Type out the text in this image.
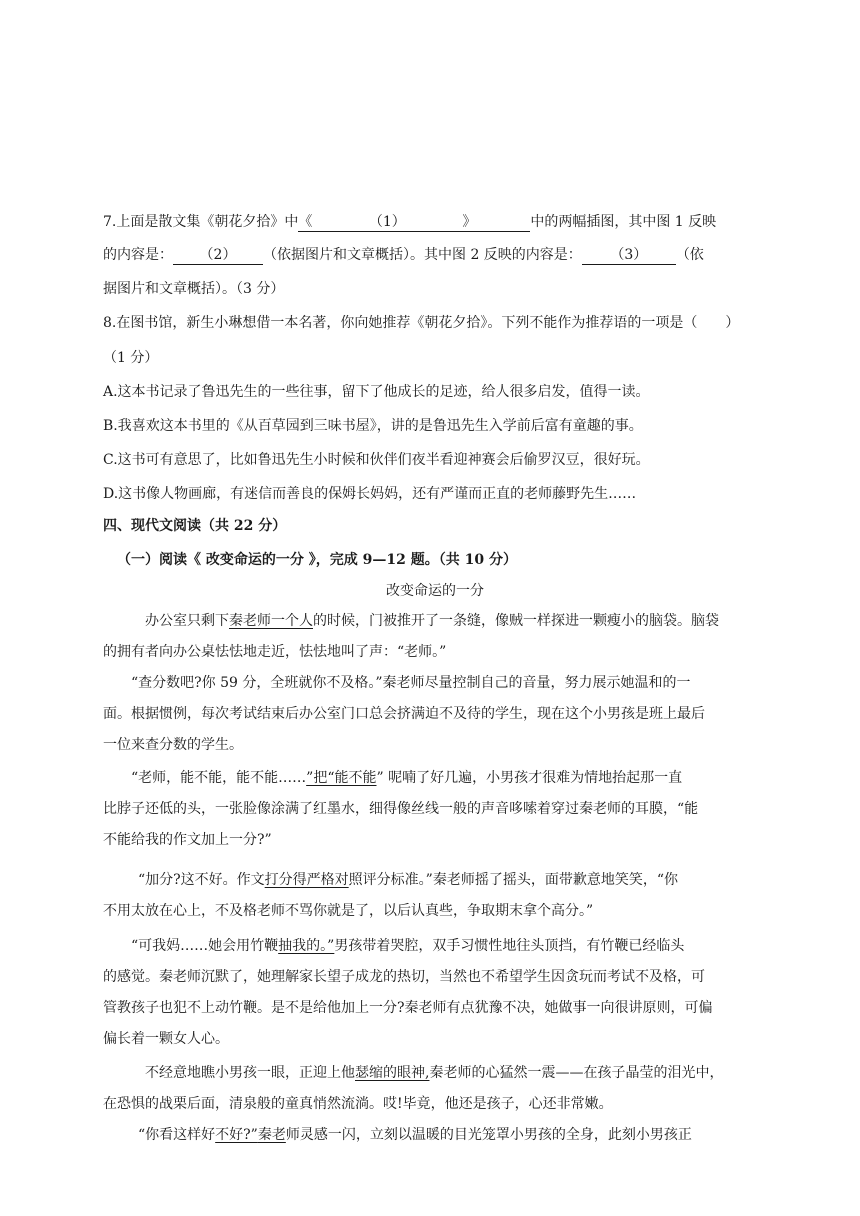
7.上面是散文集《朝花夕拾》中《	（1）	》	中的两幅插图，其中图 1 反映
的内容是： （2） （依据图片和文章概括）。其中图 2 反映的内容是： （3） （依
据图片和文章概括）。（3 分）
8.在图书馆，新生小琳想借一本名著，你向她推荐《朝花夕拾》。下列不能作为推荐语的一项是（　　）
（1 分）
A.这本书记录了鲁迅先生的一些往事，留下了他成长的足迹，给人很多启发，值得一读。
B.我喜欢这本书里的《从百草园到三味书屋》，讲的是鲁迅先生入学前后富有童趣的事。
C.这书可有意思了，比如鲁迅先生小时候和伙伴们夜半看迎神赛会后偷罗汉豆，很好玩。
D.这书像人物画廊，有迷信而善良的保姆长妈妈，还有严谨而正直的老师藤野先生……
四、现代文阅读（共 22 分）
（一）阅读《 改变命运的一分 》，完成 9—12 题。（共 10 分）
改变命运的一分
办公室只剩下秦老师一个人的时候，门被推开了一条缝，像贼一样探进一颗瘦小的脑袋。脑袋
的拥有者向办公桌怯怯地走近，怯怯地叫了声：“老师。”
“查分数吧?你 59 分，全班就你不及格。”秦老师尽量控制自己的音量，努力展示她温和的一
面。根据惯例，每次考试结束后办公室门口总会挤满迫不及待的学生，现在这个小男孩是班上最后
一位来查分数的学生。
“老师，能不能，能不能……”把“能不能” 呢喃了好几遍，小男孩才很难为情地抬起那一直
比脖子还低的头，一张脸像涂满了红墨水，细得像丝线一般的声音哆嗦着穿过秦老师的耳膜，“能
不能给我的作文加上一分?”
“加分?这不好。作文打分得严格对照评分标准。”秦老师摇了摇头，面带歉意地笑笑，“你
不用太放在心上，不及格老师不骂你就是了，以后认真些，争取期末拿个高分。”
“可我妈……她会用竹鞭抽我的。”男孩带着哭腔，双手习惯性地往头顶挡，有竹鞭已经临头
的感觉。秦老师沉默了，她理解家长望子成龙的热切，当然也不希望学生因贪玩而考试不及格，可
管教孩子也犯不上动竹鞭。是不是给他加上一分?秦老师有点犹豫不决，她做事一向很讲原则，可偏
偏长着一颗女人心。
不经意地瞧小男孩一眼，正迎上他瑟缩的眼神,秦老师的心猛然一震——在孩子晶莹的泪光中，
在恐惧的战栗后面，清泉般的童真悄然流淌。哎!毕竟，他还是孩子，心还非常嫩。
“你看这样好不好?”秦老师灵感一闪，立刻以温暖的目光笼罩小男孩的全身，此刻小男孩正
